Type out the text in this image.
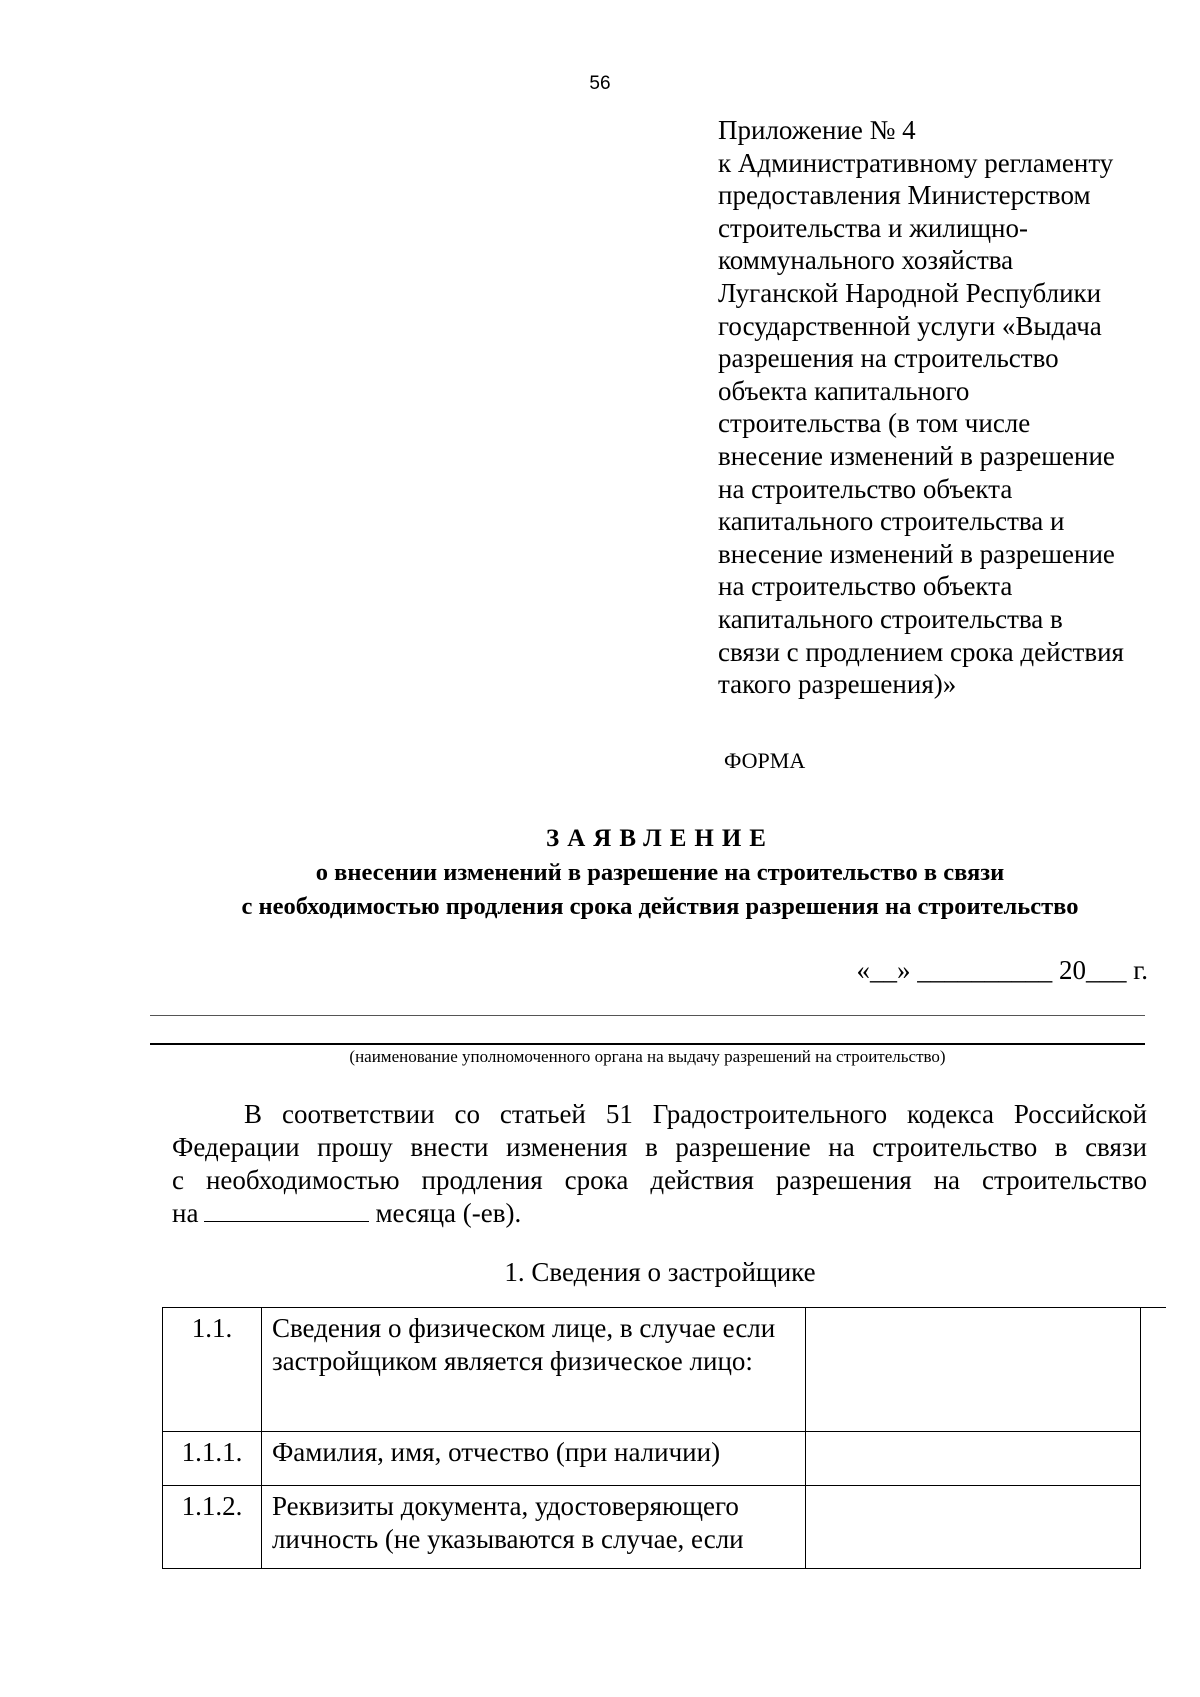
56
Приложение № 4
к Административному регламенту
предоставления Министерством
строительства и жилищно-
коммунального хозяйства
Луганской Народной Республики
государственной услуги «Выдача
разрешения на строительство
объекта капитального
строительства (в том числе
внесение изменений в разрешение
на строительство объекта
капитального строительства и
внесение изменений в разрешение
на строительство объекта
капитального строительства в
связи с продлением срока действия
такого разрешения)»
ФОРМА
ЗАЯВЛЕНИЕ
о внесении изменений в разрешение на строительство в связи
с необходимостью продления срока действия разрешения на строительство
«__» __________ 20___ г.
(наименование уполномоченного органа на выдачу разрешений на строительство)
В соответствии со статьей 51 Градостроительного кодекса Российской
Федерации прошу внести изменения в разрешение на строительство в связи
с необходимостью продления срока действия разрешения на строительство
на	месяца (-ев).
1. Сведения о застройщике
1.1.	Сведения о физическом лице, в случае если застройщиком является физическое лицо:	
1.1.1.	Фамилия, имя, отчество (при наличии)	
1.1.2.	Реквизиты документа, удостоверяющего личность (не указываются в случае, если	
